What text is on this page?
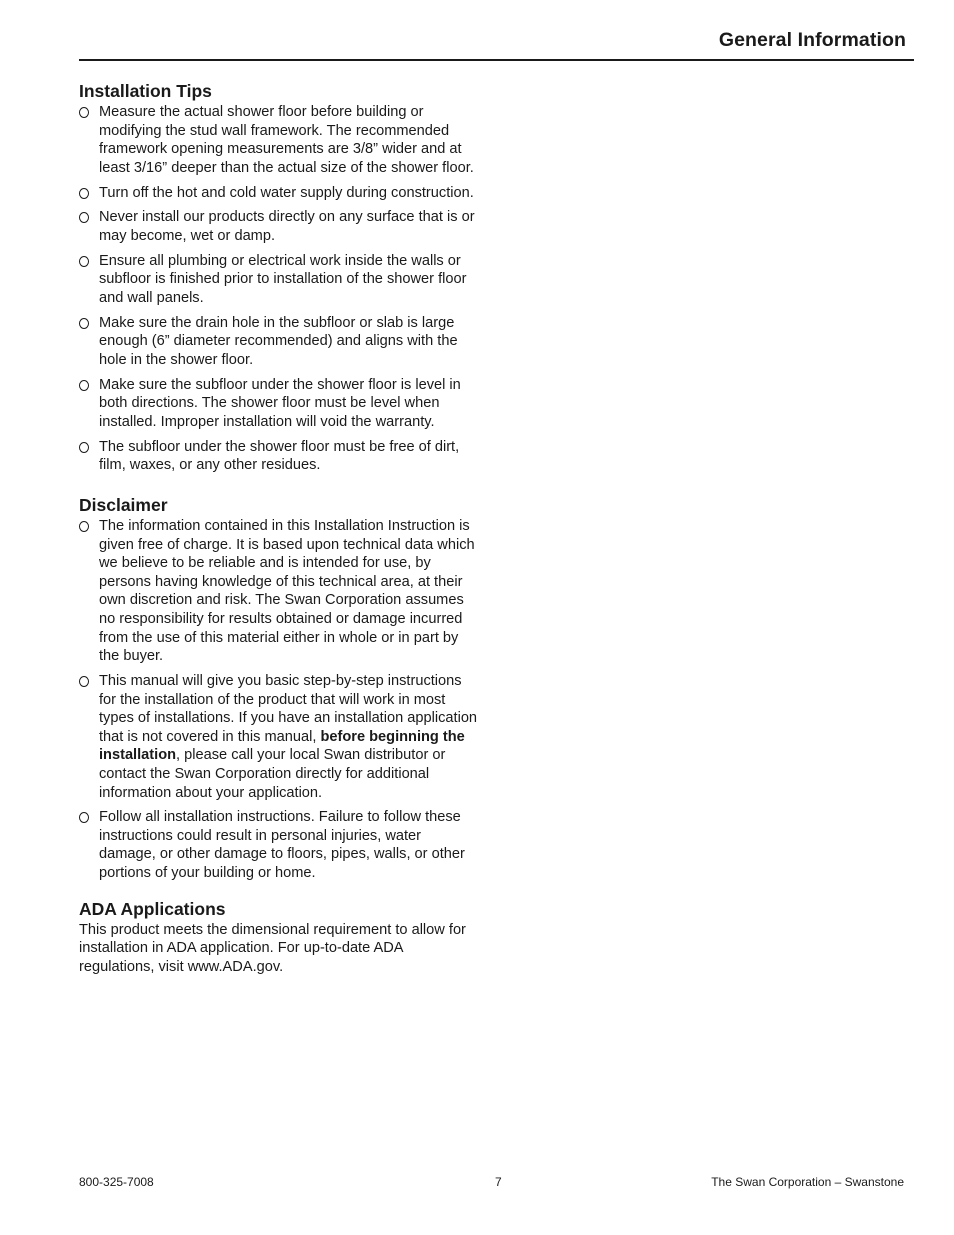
General Information
Installation Tips
Measure the actual shower floor before building or modifying the stud wall framework. The recommended framework opening measurements are 3/8” wider and at least 3/16” deeper than the actual size of the shower floor.
Turn off the hot and cold water supply during construction.
Never install our products directly on any surface that is or may become, wet or damp.
Ensure all plumbing or electrical work inside the walls or subfloor is finished prior to installation of the shower floor and wall panels.
Make sure the drain hole in the subfloor or slab is large enough (6” diameter recommended) and aligns with the hole in the shower floor.
Make sure the subfloor under the shower floor is level in both directions. The shower floor must be level when installed. Improper installation will void the warranty.
The subfloor under the shower floor must be free of dirt, film, waxes, or any other residues.
Disclaimer
The information contained in this Installation Instruction is given free of charge. It is based upon technical data which we believe to be reliable and is intended for use, by persons having knowledge of this technical area, at their own discretion and risk. The Swan Corporation assumes no responsibility for results obtained or damage incurred from the use of this material either in whole or in part by the buyer.
This manual will give you basic step-by-step instructions for the installation of the product that will work in most types of installations. If you have an installation application that is not covered in this manual, before beginning the installation, please call your local Swan distributor or contact the Swan Corporation directly for additional information about your application.
Follow all installation instructions. Failure to follow these instructions could result in personal injuries, water damage, or other damage to floors, pipes, walls, or other portions of your building or home.
ADA Applications

This product meets the dimensional requirement to allow for installation in ADA application. For up-to-date ADA regulations, visit www.ADA.gov.

800-325-7008	7	The Swan Corporation – Swanstone
